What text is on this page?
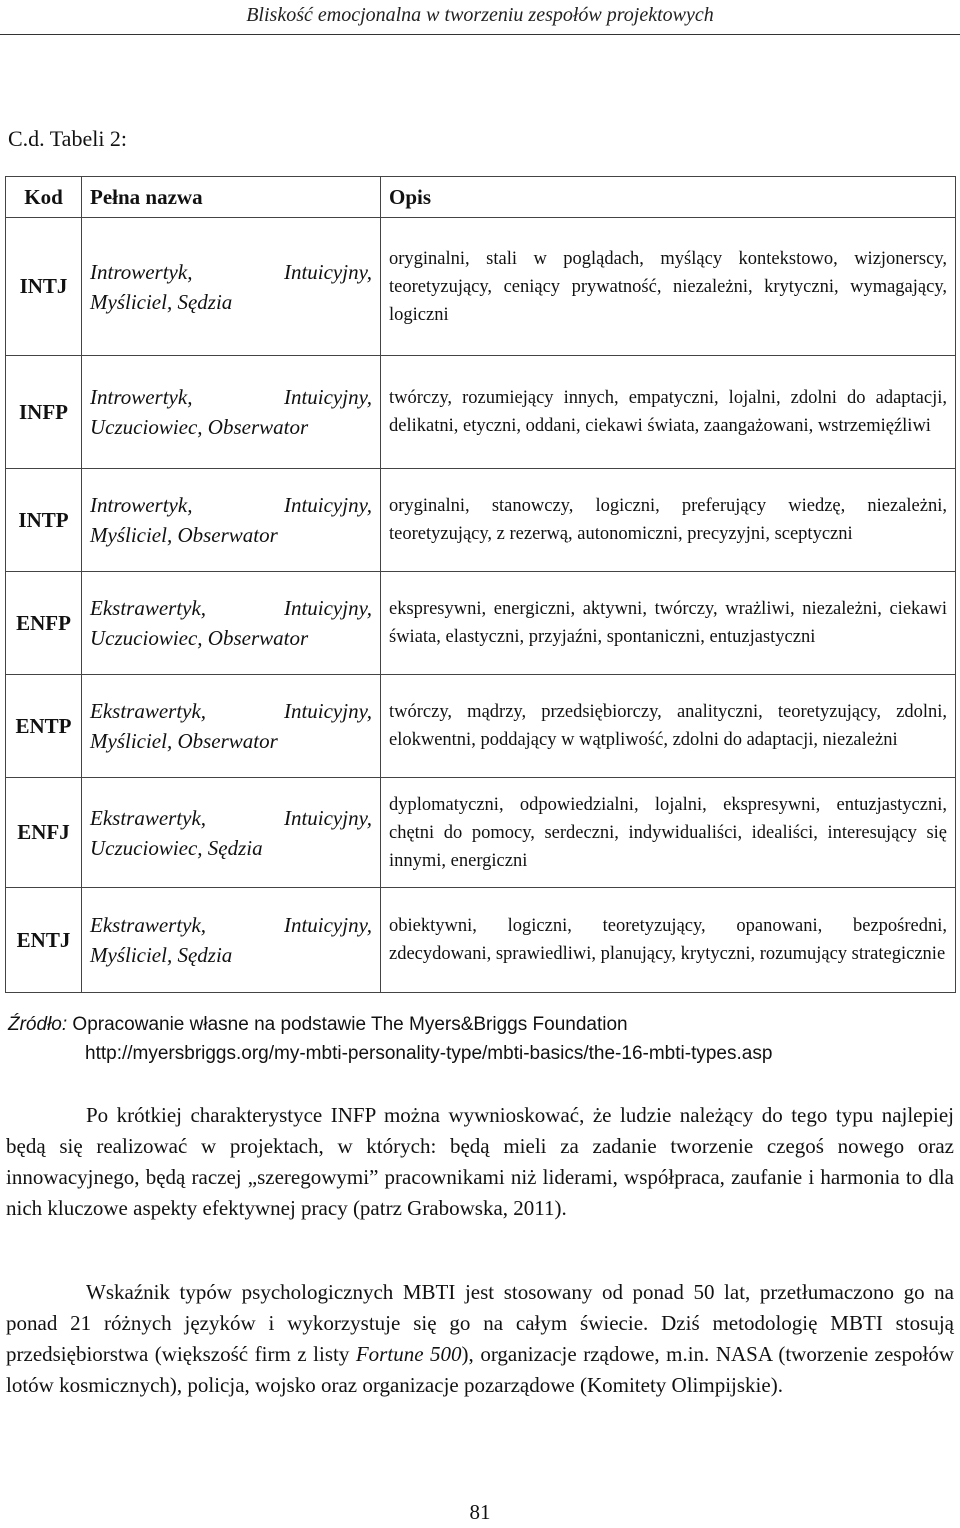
Bliskość emocjonalna w tworzeniu zespołów projektowych
C.d. Tabeli 2:
Kod	Pełna nazwa	Opis
INTJ	Introwertyk, Intuicyjny, Myśliciel, Sędzia	oryginalni, stali w poglądach, myślący kontekstowo, wizjonerscy, teoretyzujący, ceniący prywatność, niezależni, krytyczni, wymagający, logiczni
INFP	Introwertyk, Intuicyjny, Uczuciowiec, Obserwator	twórczy, rozumiejący innych, empatyczni, lojalni, zdolni do adaptacji, delikatni, etyczni, oddani, ciekawi świata, zaangażowani, wstrzemięźliwi
INTP	Introwertyk, Intuicyjny, Myśliciel, Obserwator	oryginalni, stanowczy, logiczni, preferujący wiedzę, niezależni, teoretyzujący, z rezerwą, autonomiczni, precyzyjni, sceptyczni
ENFP	Ekstrawertyk, Intuicyjny, Uczuciowiec, Obserwator	ekspresywni, energiczni, aktywni, twórczy, wrażliwi, niezależni, ciekawi świata, elastyczni, przyjaźni, spontaniczni, entuzjastyczni
ENTP	Ekstrawertyk, Intuicyjny, Myśliciel, Obserwator	twórczy, mądrzy, przedsiębiorczy, analityczni, teoretyzujący, zdolni, elokwentni, poddający w wątpliwość, zdolni do adaptacji, niezależni
ENFJ	Ekstrawertyk, Intuicyjny, Uczuciowiec, Sędzia	dyplomatyczni, odpowiedzialni, lojalni, ekspresywni, entuzjastyczni, chętni do pomocy, serdeczni, indywidualiści, idealiści, interesujący się innymi, energiczni
ENTJ	Ekstrawertyk, Intuicyjny, Myśliciel, Sędzia	obiektywni, logiczni, teoretyzujący, opanowani, bezpośredni, zdecydowani, sprawiedliwi, planujący, krytyczni, rozumujący strategicznie
Źródło: Opracowanie własne na podstawie The Myers&Briggs Foundation
http://myersbriggs.org/my-mbti-personality-type/mbti-basics/the-16-mbti-types.asp

Po krótkiej charakterystyce INFP można wywnioskować, że ludzie należący do tego typu najlepiej będą się realizować w projektach, w których: będą mieli za zadanie tworzenie czegoś nowego oraz innowacyjnego, będą raczej „szeregowymi” pracownikami niż liderami, współpraca, zaufanie i harmonia to dla nich kluczowe aspekty efektywnej pracy (patrz Grabowska, 2011).

Wskaźnik typów psychologicznych MBTI jest stosowany od ponad 50 lat, przetłumaczono go na ponad 21 różnych języków i wykorzystuje się go na całym świecie. Dziś metodologię MBTI stosują przedsiębiorstwa (większość firm z listy Fortune 500), organizacje rządowe, m.in. NASA (tworzenie zespołów lotów kosmicznych), policja, wojsko oraz organizacje pozarządowe (Komitety Olimpijskie).

81
